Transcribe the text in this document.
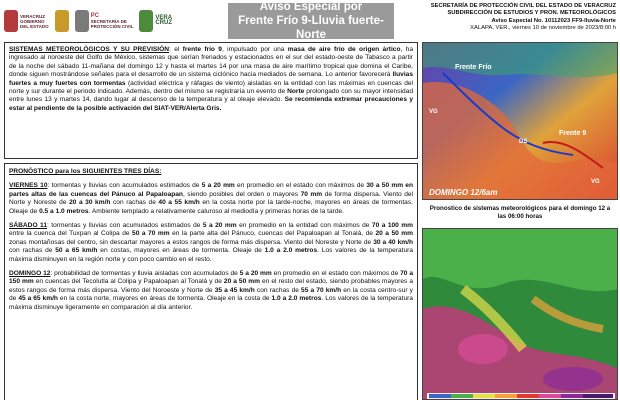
VERACRUZ
GOBIERNO
DEL ESTADO
PC
SECRETARÍA DE
PROTECCIÓN CIVIL
VERA
CRUZ
Aviso Especial por
Frente Frío 9-Lluvia fuerte-Norte
SECRETARÍA DE PROTECCIÓN CIVIL DEL ESTADO DE VERACRUZ
SUBDIRECCIÓN DE ESTUDIOS Y PRON. METEOROLÓGICOS
Aviso Especial No. 10112023 FF9-lluvia-Norte
XALAPA, VER., viernes 10 de noviembre de 2023/8:00 h
SISTEMAS METEOROLÓGICOS Y SU PREVISIÓN: el frente frío 9, impulsado por una masa de aire frío de origen ártico, ha ingresado al noroeste del Golfo de México, sistemas que serían frenados y estacionados en el sur del estado-oeste de Tabasco a partir de la noche del sábado 11-mañana del domingo 12 y hasta el martes 14 por una masa de aire marítimo tropical que domina el Caribe, donde siguen mostrándose señales para el desarrollo de un sistema ciclónico hacia mediados de semana. Lo anterior favorecerá lluvias fuertes a muy fuertes con tormentas (actividad eléctrica y ráfagas de viento) aisladas en la entidad con las máximas en cuencas del norte y sur durante el periodo indicado. Además, dentro del mismo se registraría un evento de Norte prolongado con su mayor intensidad entre lunes 13 y martes 14, dando lugar al descenso de la temperatura y al oleaje elevado. Se recomienda extremar precauciones y estar al pendiente de la posible activación del SIAT-VER/Alerta Gris.
PRONÓSTICO para los SIGUIENTES TRES DÍAS:
VIERNES 10: tormentas y lluvias con acumulados estimados de 5 a 20 mm en promedio en el estado con máximos de 30 a 50 mm en partes altas de las cuencas del Pánuco al Papaloapan, siendo posibles del orden o mayores 70 mm de forma dispersa. Viento del Norte y Noreste de 20 a 30 km/h con rachas de 40 a 55 km/h en la costa norte por la tarde-noche, mayores en áreas de tormentas. Oleaje de 0.5 a 1.0 metros. Ambiente templado a relativamente caluroso al mediodía y primeras horas de la tarde.
SÁBADO 11: tormentas y lluvias con acumulados estimados de 5 a 20 mm en promedio en la entidad con máximos de 70 a 100 mm entre la cuenca del Tuxpan al Colipa de 50 a 70 mm en la parte alta del Pánuco, cuencas del Papaloapan al Tonalá, de 20 a 50 mm zonas montañosas del centro, sin descartar mayores a estos rangos de forma más dispersa. Viento del Noreste y Norte de 30 a 40 km/h con rachas de 50 a 65 km/h en costas, mayores en áreas de tormenta. Oleaje de 1.0 a 2.0 metros. Los valores de la temperatura máxima disminuyen en la región norte y con poco cambio en el resto.
DOMINGO 12: probabilidad de tormentas y lluvia aisladas con acumulados de 5 a 20 mm en promedio en el estado con máximos de 70 a 150 mm en cuencas del Tecolutla al Colipa y Papaloapan al Tonalá y de 20 a 50 mm en el resto del estado, siendo probables mayores a estos rangos de forma más dispersa. Viento del Noroeste y Norte de 35 a 45 km/h con rachas de 55 a 70 km/h en la costa centro-sur y de 45 a 65 km/h en la costa norte, mayores en áreas de tormenta. Oleaje en la costa de 1.0 a 2.0 metros. Los valores de la temperatura máxima disminuye ligeramente en comparación al día anterior.
Frente Frío
Frente 9
VG
VG
DS
DOMINGO 12/6am
Pronostico de sistemas meteorológicos para el domingo 12 a las 06:00 horas
